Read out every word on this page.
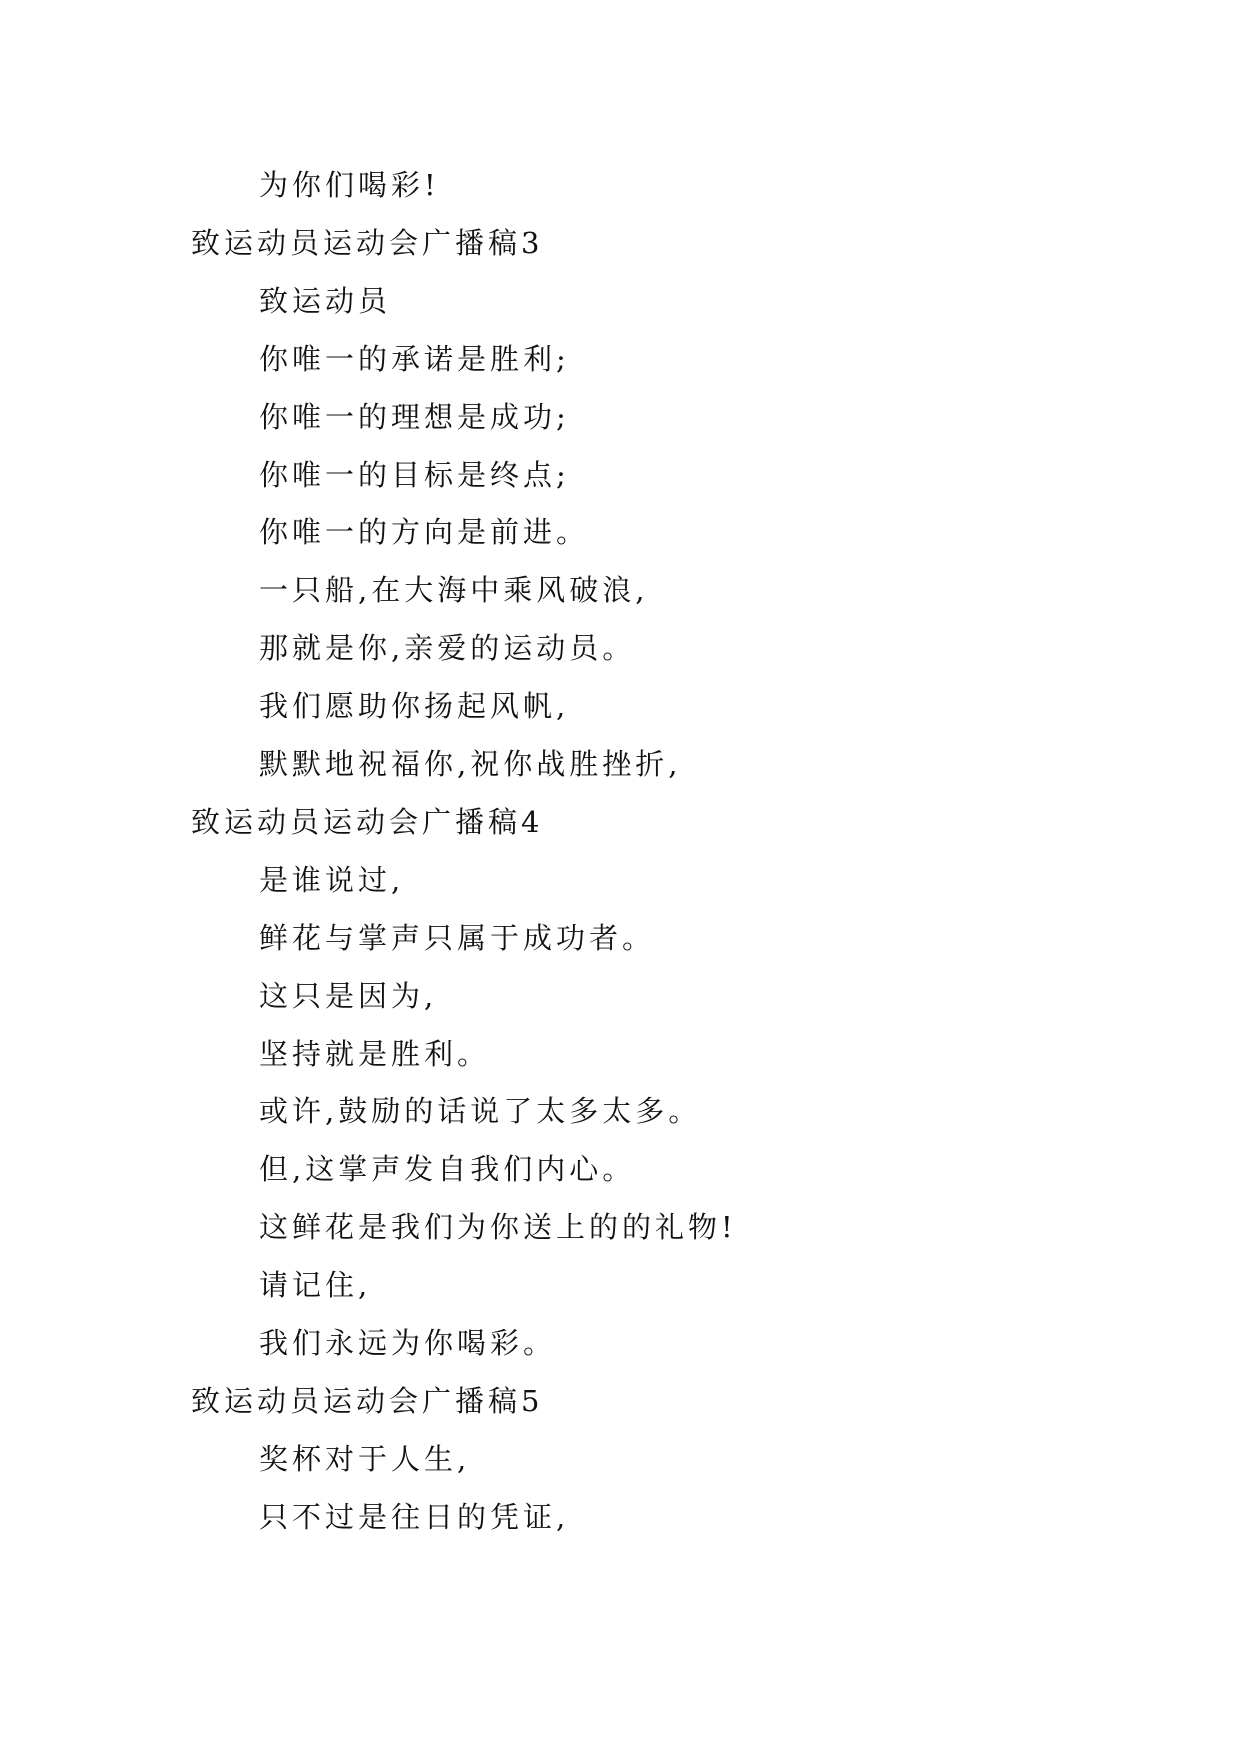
为你们喝彩!
致运动员运动会广播稿3
致运动员
你唯一的承诺是胜利;
你唯一的理想是成功;
你唯一的目标是终点;
你唯一的方向是前进。
一只船,在大海中乘风破浪,
那就是你,亲爱的运动员。
我们愿助你扬起风帆,
默默地祝福你,祝你战胜挫折,
致运动员运动会广播稿4
是谁说过,
鲜花与掌声只属于成功者。
这只是因为,
坚持就是胜利。
或许,鼓励的话说了太多太多。
但,这掌声发自我们内心。
这鲜花是我们为你送上的的礼物!
请记住,
我们永远为你喝彩。
致运动员运动会广播稿5
奖杯对于人生,
只不过是往日的凭证,
